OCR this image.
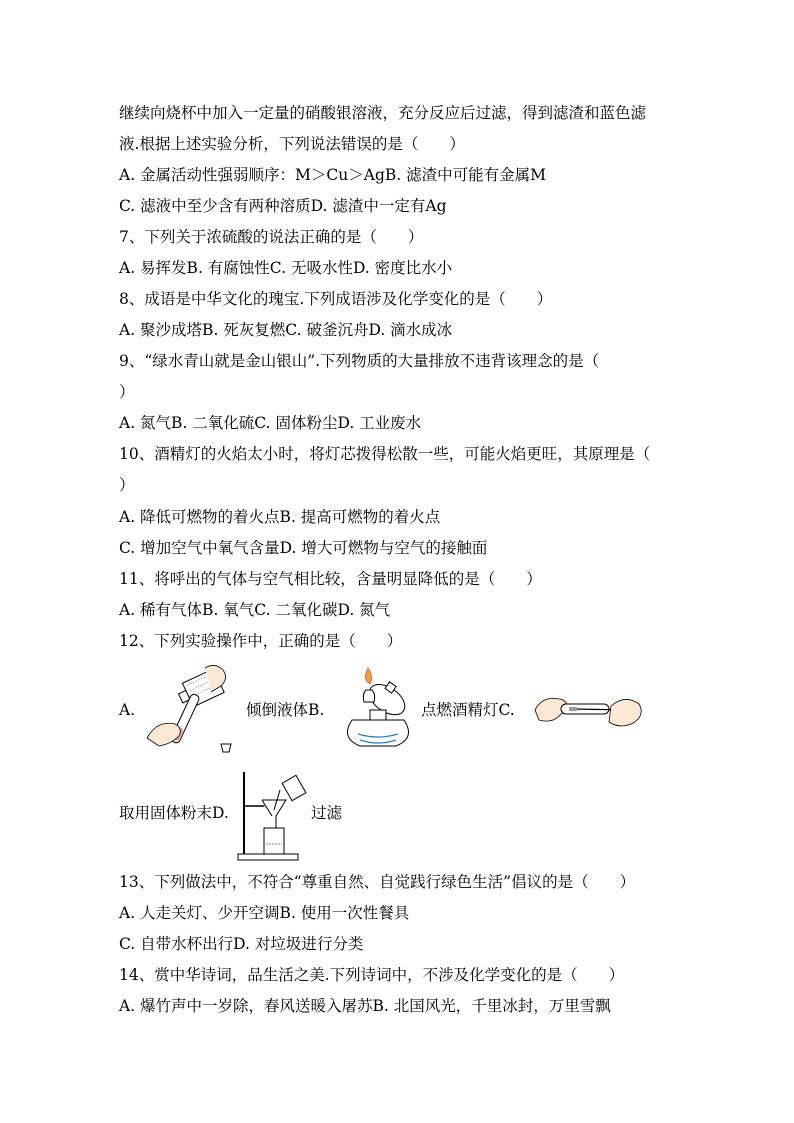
继续向烧杯中加入一定量的硝酸银溶液，充分反应后过滤，得到滤渣和蓝色滤
液.根据上述实验分析，下列说法错误的是（　　）
A. 金属活动性强弱顺序：M＞Cu＞AgB. 滤渣中可能有金属M
C. 滤液中至少含有两种溶质D. 滤渣中一定有Ag
7、下列关于浓硫酸的说法正确的是（　　）
A. 易挥发B. 有腐蚀性C. 无吸水性D. 密度比水小
8、成语是中华文化的瑰宝.下列成语涉及化学变化的是（　　）
A. 聚沙成塔B. 死灰复燃C. 破釜沉舟D. 滴水成冰
9、“绿水青山就是金山银山”.下列物质的大量排放不违背该理念的是（
）
A. 氮气B. 二氧化硫C. 固体粉尘D. 工业废水
10、酒精灯的火焰太小时，将灯芯拨得松散一些，可能火焰更旺，其原理是（
）
A. 降低可燃物的着火点B. 提高可燃物的着火点
C. 增加空气中氧气含量D. 增大可燃物与空气的接触面
11、将呼出的气体与空气相比较，含量明显降低的是（　　）
A. 稀有气体B. 氧气C. 二氧化碳D. 氮气
12、下列实验操作中，正确的是（　　）
A.	倾倒液体B.	点燃酒精灯C.
取用固体粉末D.	过滤
13、下列做法中，不符合“尊重自然、自觉践行绿色生活”倡议的是（　　）
A. 人走关灯、少开空调B. 使用一次性餐具
C. 自带水杯出行D. 对垃圾进行分类
14、赏中华诗词，品生活之美.下列诗词中，不涉及化学变化的是（　　）
A. 爆竹声中一岁除，春风送暖入屠苏B. 北国风光，千里冰封，万里雪飘
